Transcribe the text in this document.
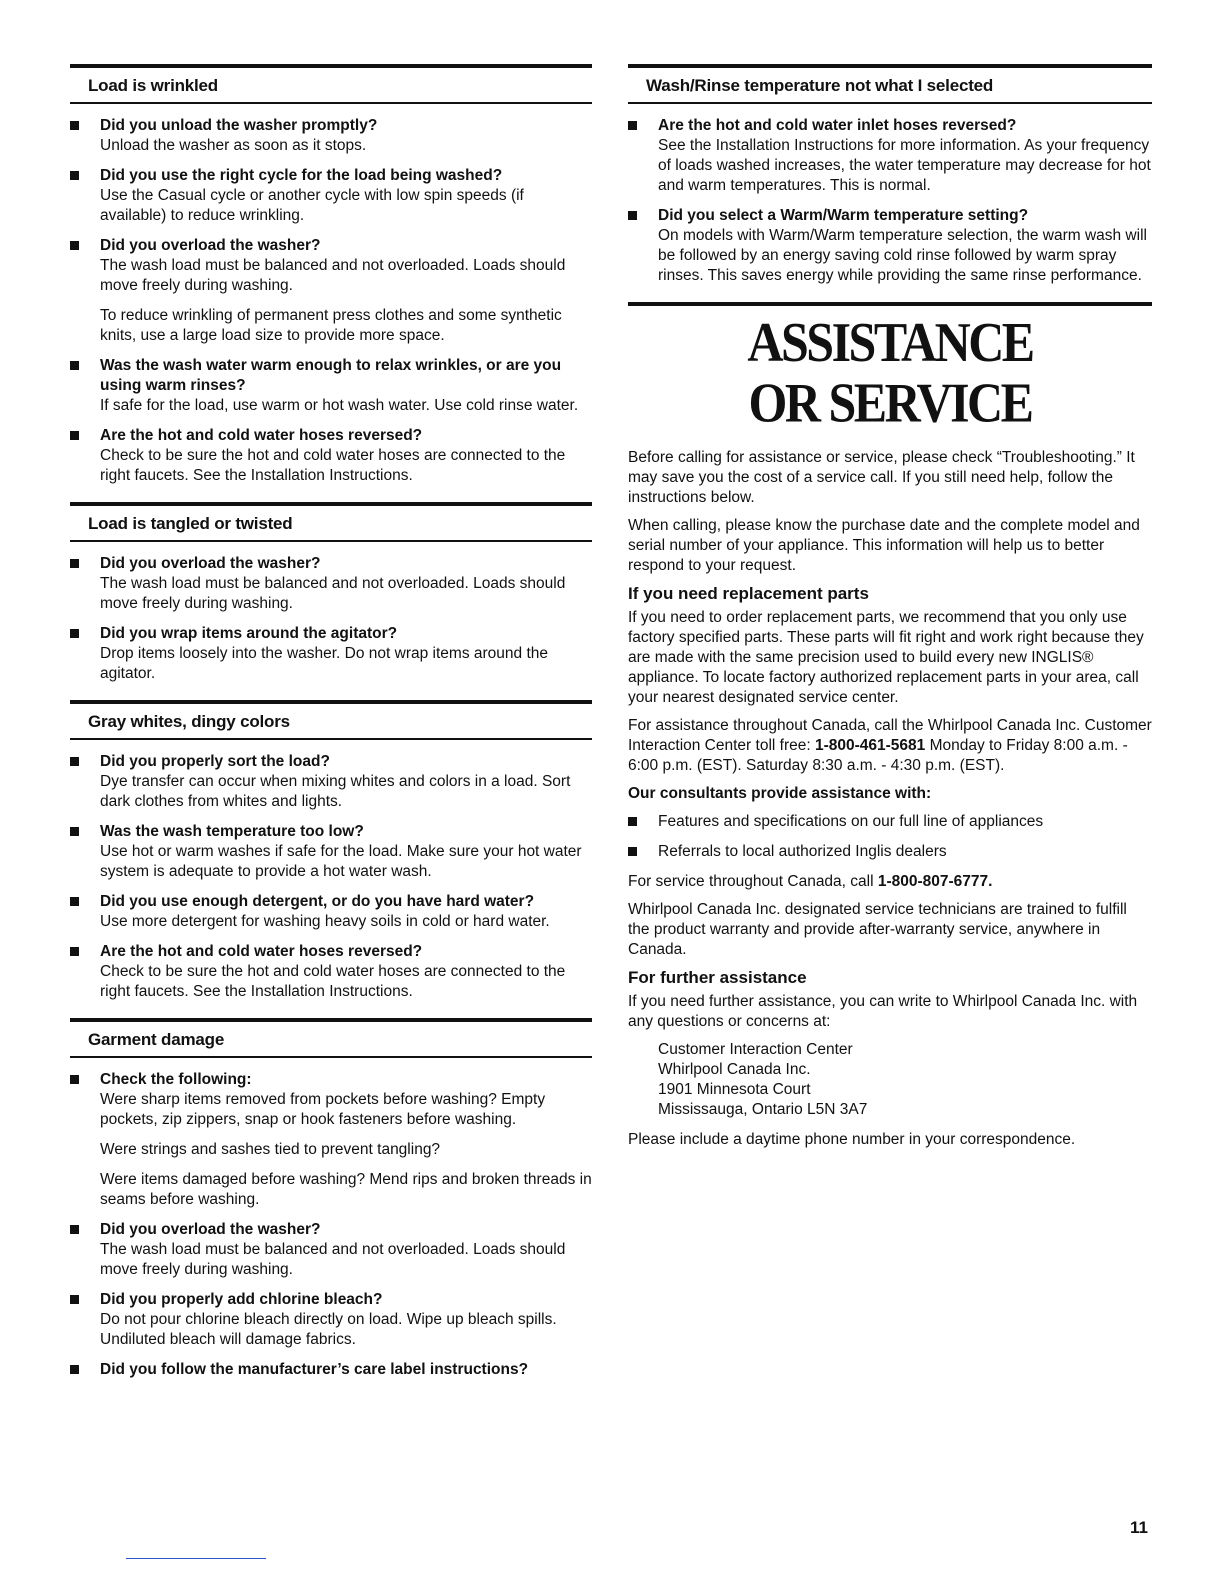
Load is wrinkled
Did you unload the washer promptly?
Unload the washer as soon as it stops.
Did you use the right cycle for the load being washed?
Use the Casual cycle or another cycle with low spin speeds (if available) to reduce wrinkling.
Did you overload the washer?
The wash load must be balanced and not overloaded. Loads should move freely during washing.
To reduce wrinkling of permanent press clothes and some synthetic knits, use a large load size to provide more space.
Was the wash water warm enough to relax wrinkles, or are you using warm rinses?
If safe for the load, use warm or hot wash water. Use cold rinse water.
Are the hot and cold water hoses reversed?
Check to be sure the hot and cold water hoses are connected to the right faucets. See the Installation Instructions.
Load is tangled or twisted
Did you overload the washer?
The wash load must be balanced and not overloaded. Loads should move freely during washing.
Did you wrap items around the agitator?
Drop items loosely into the washer. Do not wrap items around the agitator.
Gray whites, dingy colors
Did you properly sort the load?
Dye transfer can occur when mixing whites and colors in a load. Sort dark clothes from whites and lights.
Was the wash temperature too low?
Use hot or warm washes if safe for the load. Make sure your hot water system is adequate to provide a hot water wash.
Did you use enough detergent, or do you have hard water?
Use more detergent for washing heavy soils in cold or hard water.
Are the hot and cold water hoses reversed?
Check to be sure the hot and cold water hoses are connected to the right faucets. See the Installation Instructions.
Garment damage
Check the following:
Were sharp items removed from pockets before washing? Empty pockets, zip zippers, snap or hook fasteners before washing.
Were strings and sashes tied to prevent tangling?
Were items damaged before washing? Mend rips and broken threads in seams before washing.
Did you overload the washer?
The wash load must be balanced and not overloaded. Loads should move freely during washing.
Did you properly add chlorine bleach?
Do not pour chlorine bleach directly on load. Wipe up bleach spills. Undiluted bleach will damage fabrics.
Did you follow the manufacturer’s care label instructions?
Wash/Rinse temperature not what I selected
Are the hot and cold water inlet hoses reversed?
See the Installation Instructions for more information. As your frequency of loads washed increases, the water temperature may decrease for hot and warm temperatures. This is normal.
Did you select a Warm/Warm temperature setting?
On models with Warm/Warm temperature selection, the warm wash will be followed by an energy saving cold rinse followed by warm spray rinses. This saves energy while providing the same rinse performance.
ASSISTANCE
OR SERVICE

Before calling for assistance or service, please check “Troubleshooting.” It may save you the cost of a service call. If you still need help, follow the instructions below.

When calling, please know the purchase date and the complete model and serial number of your appliance. This information will help us to better respond to your request.

If you need replacement parts

If you need to order replacement parts, we recommend that you only use factory specified parts. These parts will fit right and work right because they are made with the same precision used to build every new INGLIS® appliance. To locate factory authorized replacement parts in your area, call your nearest designated service center.

For assistance throughout Canada, call the Whirlpool Canada Inc. Customer Interaction Center toll free: 1-800-461-5681 Monday to Friday 8:00 a.m. - 6:00 p.m. (EST). Saturday 8:30 a.m. - 4:30 p.m. (EST).

Our consultants provide assistance with:
Features and specifications on our full line of appliances
Referrals to local authorized Inglis dealers

For service throughout Canada, call 1-800-807-6777.

Whirlpool Canada Inc. designated service technicians are trained to fulfill the product warranty and provide after-warranty service, anywhere in Canada.

For further assistance

If you need further assistance, you can write to Whirlpool Canada Inc. with any questions or concerns at:

Customer Interaction Center
Whirlpool Canada Inc.
1901 Minnesota Court
Mississauga, Ontario L5N 3A7

Please include a daytime phone number in your correspondence.

11
